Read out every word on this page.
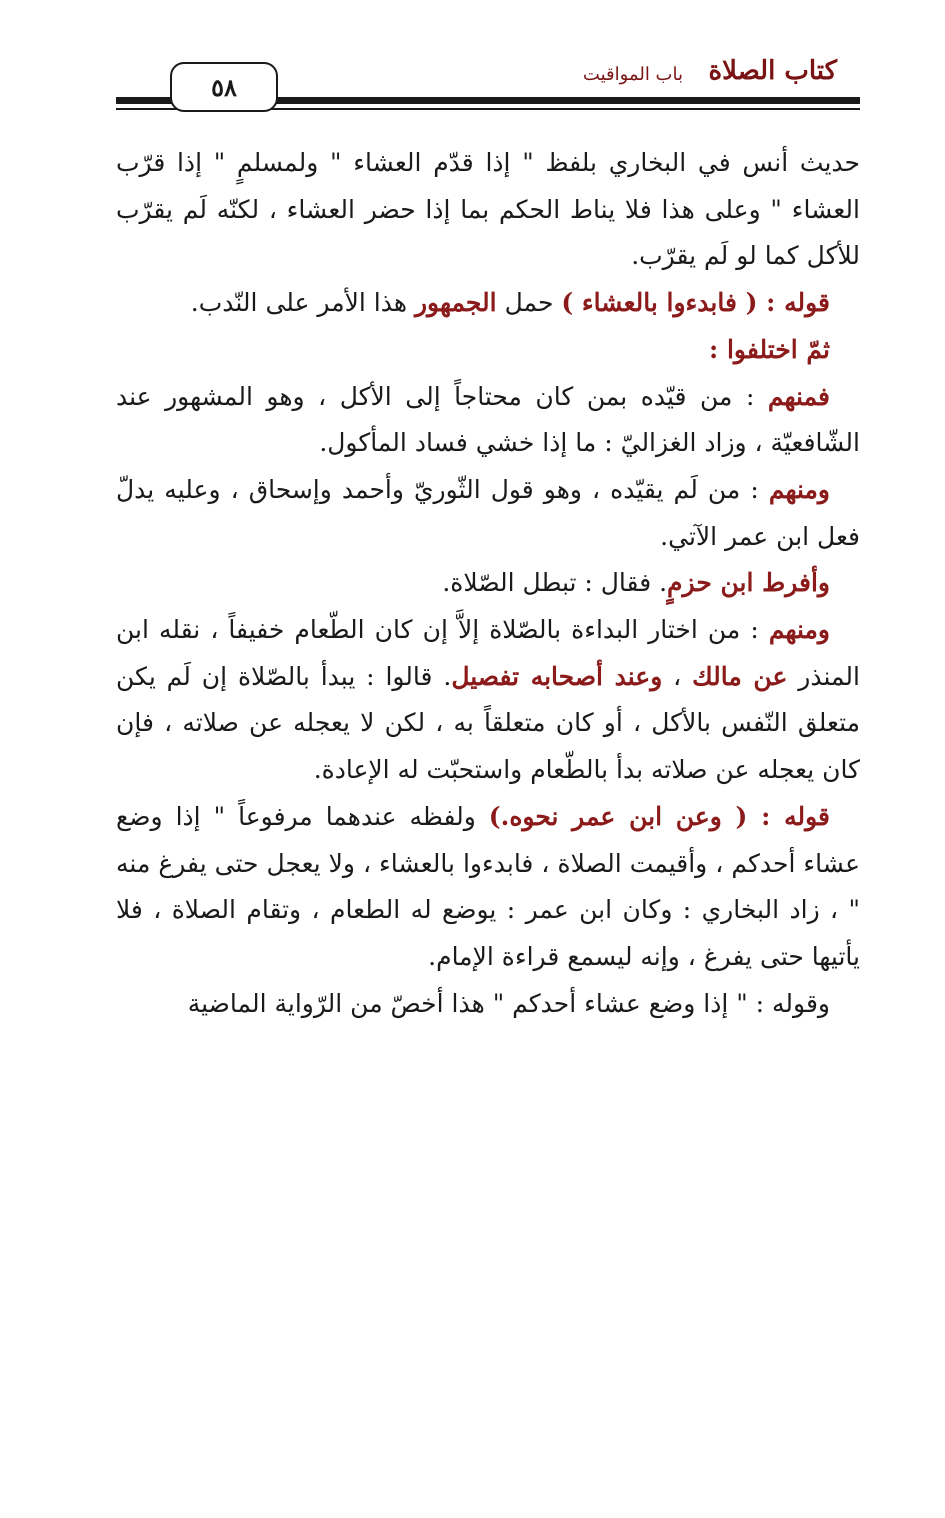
كتاب الصلاة
باب المواقيت
٥٨

حديث أنس في البخاري بلفظ " إذا قدّم العشاء " ولمسلمٍ " إذا قرّب العشاء " وعلى هذا فلا يناط الحكم بما إذا حضر العشاء ، لكنّه لَم يقرّب للأكل كما لو لَم يقرّب.

قوله : ( فابدءوا بالعشاء ) حمل الجمهور هذا الأمر على النّدب.

ثمّ اختلفوا :

فمنهم : من قيّده بمن كان محتاجاً إلى الأكل ، وهو المشهور عند الشّافعيّة ، وزاد الغزاليّ : ما إذا خشي فساد المأكول.

ومنهم : من لَم يقيّده ، وهو قول الثّوريّ وأحمد وإسحاق ، وعليه يدلّ فعل ابن عمر الآتي.

وأفرط ابن حزمٍ. فقال : تبطل الصّلاة.

ومنهم : من اختار البداءة بالصّلاة إلاَّ إن كان الطّعام خفيفاً ، نقله ابن المنذر عن مالك ، وعند أصحابه تفصيل. قالوا : يبدأ بالصّلاة إن لَم يكن متعلق النّفس بالأكل ، أو كان متعلقاً به ، لكن لا يعجله عن صلاته ، فإن كان يعجله عن صلاته بدأ بالطّعام واستحبّت له الإعادة.

قوله : ( وعن ابن عمر نحوه.) ولفظه عندهما مرفوعاً " إذا وضع عشاء أحدكم ، وأقيمت الصلاة ، فابدءوا بالعشاء ، ولا يعجل حتى يفرغ منه " ، زاد البخاري : وكان ابن عمر : يوضع له الطعام ، وتقام الصلاة ، فلا يأتيها حتى يفرغ ، وإنه ليسمع قراءة الإمام.

وقوله : " إذا وضع عشاء أحدكم " هذا أخصّ من الرّواية الماضية
